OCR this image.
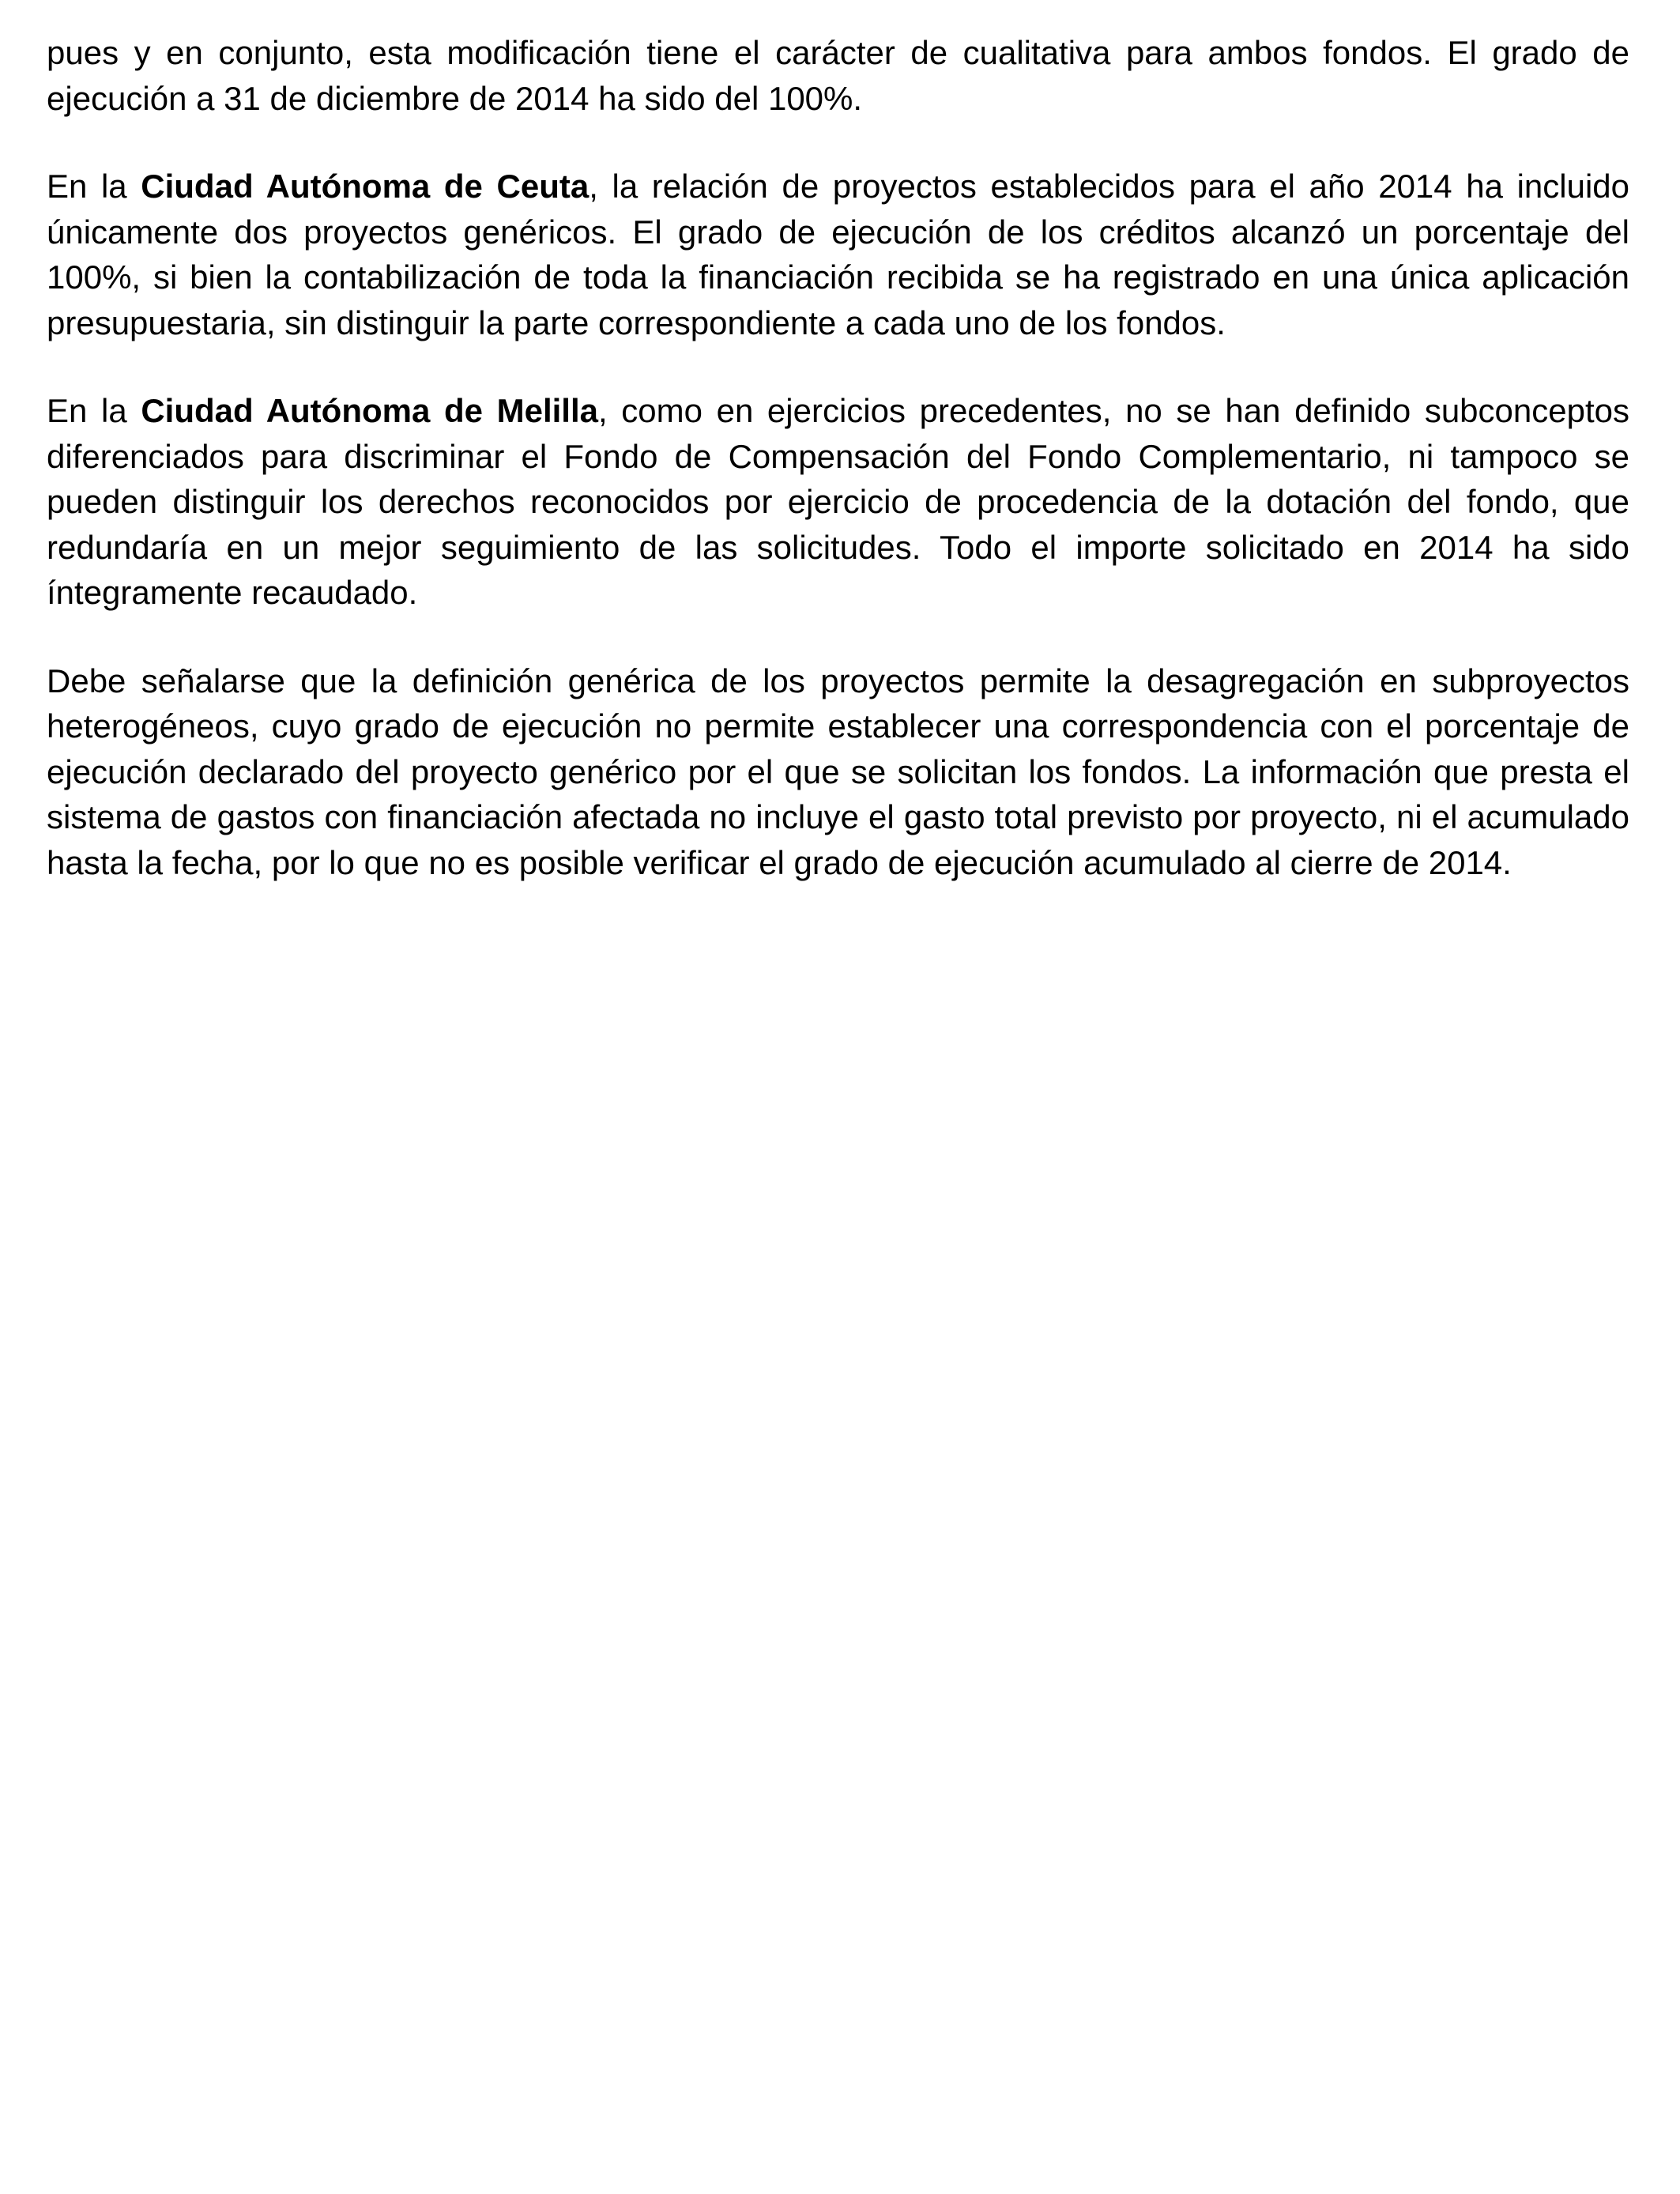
pues y en conjunto, esta modificación tiene el carácter de cualitativa para ambos fondos. El grado de ejecución a 31 de diciembre de 2014 ha sido del 100%.

En la Ciudad Autónoma de Ceuta, la relación de proyectos establecidos para el año 2014 ha incluido únicamente dos proyectos genéricos. El grado de ejecución de los créditos alcanzó un porcentaje del 100%, si bien la contabilización de toda la financiación recibida se ha registrado en una única aplicación presupuestaria, sin distinguir la parte correspondiente a cada uno de los fondos.

En la Ciudad Autónoma de Melilla, como en ejercicios precedentes, no se han definido subconceptos diferenciados para discriminar el Fondo de Compensación del Fondo Complementario, ni tampoco se pueden distinguir los derechos reconocidos por ejercicio de procedencia de la dotación del fondo, que redundaría en un mejor seguimiento de las solicitudes. Todo el importe solicitado en 2014 ha sido íntegramente recaudado.

Debe señalarse que la definición genérica de los proyectos permite la desagregación en subproyectos heterogéneos, cuyo grado de ejecución no permite establecer una correspondencia con el porcentaje de ejecución declarado del proyecto genérico por el que se solicitan los fondos. La información que presta el sistema de gastos con financiación afectada no incluye el gasto total previsto por proyecto, ni el acumulado hasta la fecha, por lo que no es posible verificar el grado de ejecución acumulado al cierre de 2014.
